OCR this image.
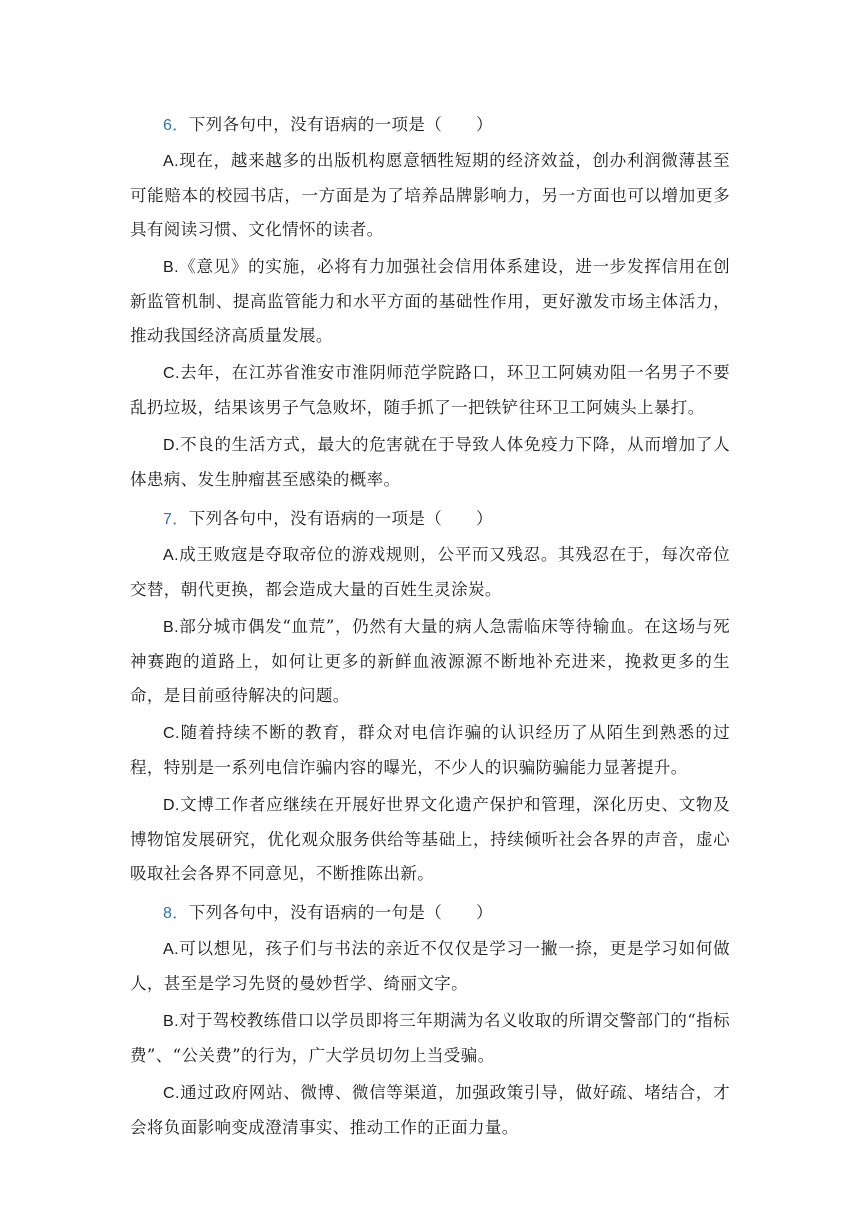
6．下列各句中，没有语病的一项是（　　）

A.现在，越来越多的出版机构愿意牺牲短期的经济效益，创办利润微薄甚至可能赔本的校园书店，一方面是为了培养品牌影响力，另一方面也可以增加更多具有阅读习惯、文化情怀的读者。

B.《意见》的实施，必将有力加强社会信用体系建设，进一步发挥信用在创新监管机制、提高监管能力和水平方面的基础性作用，更好激发市场主体活力，推动我国经济高质量发展。

C.去年，在江苏省淮安市淮阴师范学院路口，环卫工阿姨劝阻一名男子不要乱扔垃圾，结果该男子气急败坏，随手抓了一把铁铲往环卫工阿姨头上暴打。

D.不良的生活方式，最大的危害就在于导致人体免疫力下降，从而增加了人体患病、发生肿瘤甚至感染的概率。

7．下列各句中，没有语病的一项是（　　）

A.成王败寇是夺取帝位的游戏规则，公平而又残忍。其残忍在于，每次帝位交替，朝代更换，都会造成大量的百姓生灵涂炭。

B.部分城市偶发“血荒”，仍然有大量的病人急需临床等待输血。在这场与死神赛跑的道路上，如何让更多的新鲜血液源源不断地补充进来，挽救更多的生命，是目前亟待解决的问题。

C.随着持续不断的教育，群众对电信诈骗的认识经历了从陌生到熟悉的过程，特别是一系列电信诈骗内容的曝光，不少人的识骗防骗能力显著提升。

D.文博工作者应继续在开展好世界文化遗产保护和管理，深化历史、文物及博物馆发展研究，优化观众服务供给等基础上，持续倾听社会各界的声音，虚心吸取社会各界不同意见，不断推陈出新。

8．下列各句中，没有语病的一句是（　　）

A.可以想见，孩子们与书法的亲近不仅仅是学习一撇一捺，更是学习如何做人，甚至是学习先贤的曼妙哲学、绮丽文字。

B.对于驾校教练借口以学员即将三年期满为名义收取的所谓交警部门的“指标费”、“公关费”的行为，广大学员切勿上当受骗。

C.通过政府网站、微博、微信等渠道，加强政策引导，做好疏、堵结合，才会将负面影响变成澄清事实、推动工作的正面力量。
